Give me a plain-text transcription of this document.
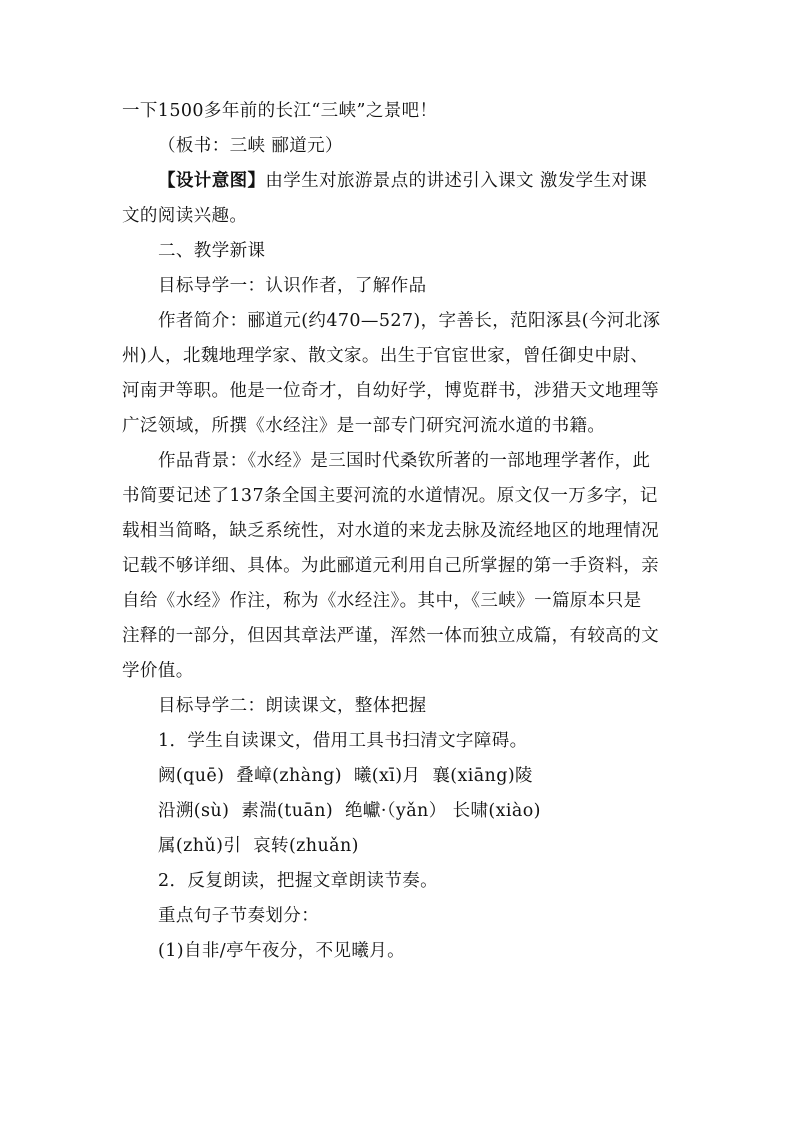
一下1500多年前的长江“三峡”之景吧！
（板书：三峡 郦道元）
【设计意图】由学生对旅游景点的讲述引入课文 激发学生对课
文的阅读兴趣。
二、教学新课
目标导学一：认识作者，了解作品
作者简介：郦道元(约470—527)，字善长，范阳涿县(今河北涿
州)人，北魏地理学家、散文家。出生于官宦世家，曾任御史中尉、
河南尹等职。他是一位奇才，自幼好学，博览群书，涉猎天文地理等
广泛领域，所撰《水经注》是一部专门研究河流水道的书籍。
作品背景：《水经》是三国时代桑钦所著的一部地理学著作，此
书简要记述了137条全国主要河流的水道情况。原文仅一万多字，记
载相当简略，缺乏系统性，对水道的来龙去脉及流经地区的地理情况
记载不够详细、具体。为此郦道元利用自己所掌握的第一手资料，亲
自给《水经》作注，称为《水经注》。其中，《三峡》一篇原本只是
注释的一部分，但因其章法严谨，浑然一体而独立成篇，有较高的文
学价值。
目标导学二：朗读课文，整体把握
1．学生自读课文，借用工具书扫清文字障碍。
阙(quē)  叠嶂(zhàng)  曦(xī)月  襄(xiāng)陵
沿溯(sù)  素湍(tuān)  绝巘·（yǎn） 长啸(xiào)
属(zhǔ)引  哀转(zhuǎn)
2．反复朗读，把握文章朗读节奏。
重点句子节奏划分：
(1)自非/亭午夜分，不见曦月。
